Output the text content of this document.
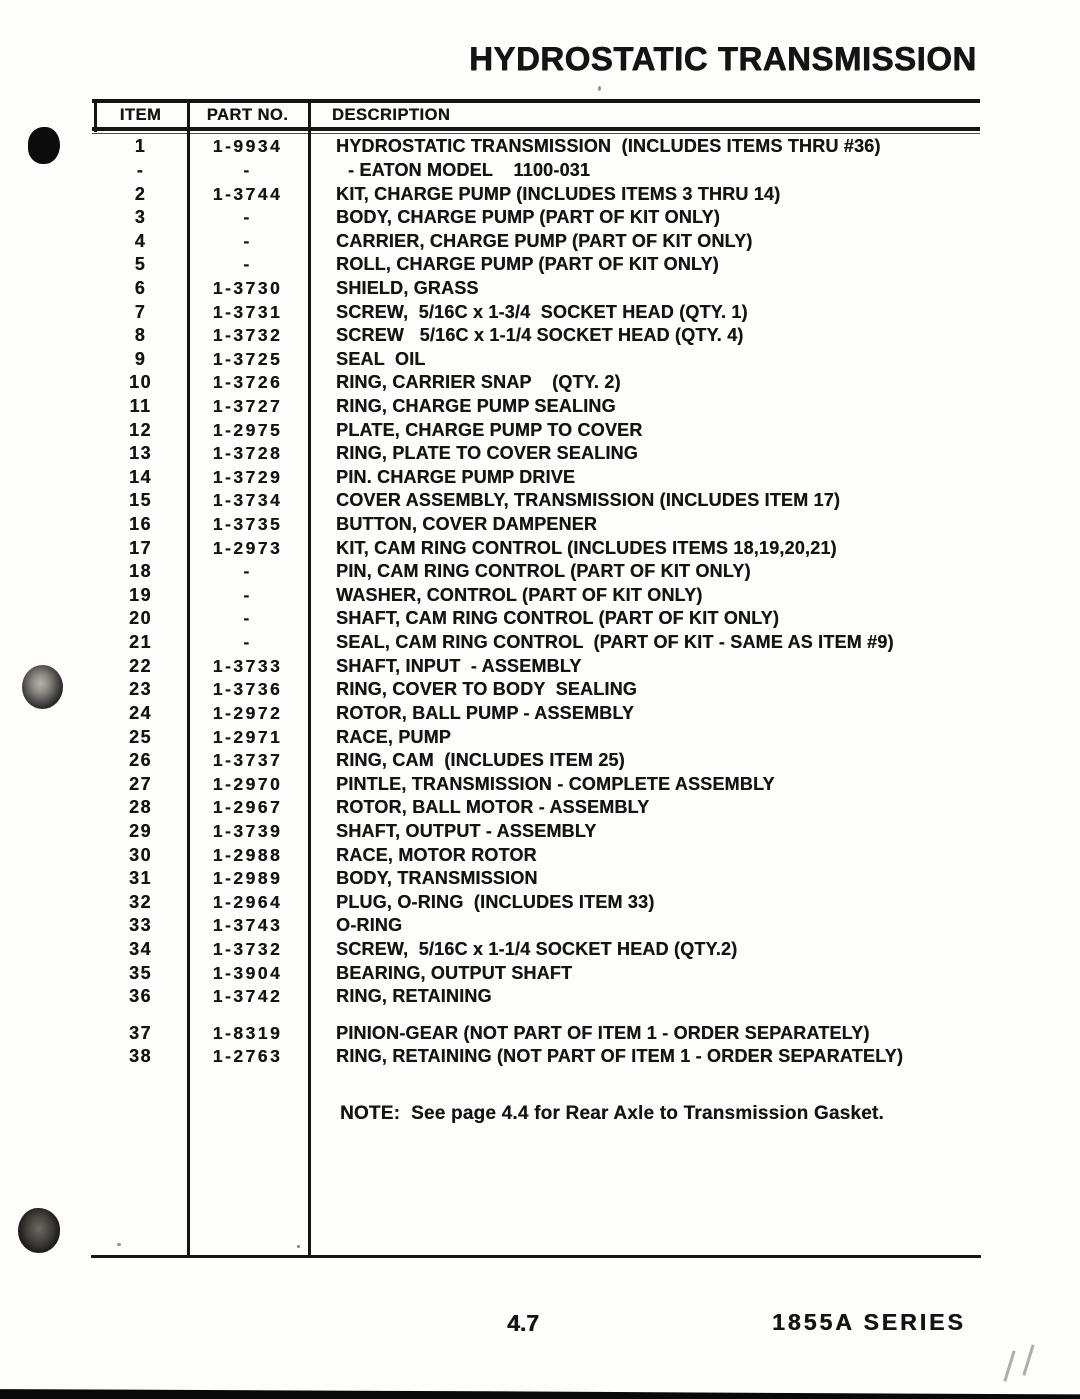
HYDROSTATIC TRANSMISSION
ITEM	PART NO.	DESCRIPTION
1	1-9934	HYDROSTATIC TRANSMISSION  (INCLUDES ITEMS THRU #36)
-	-	- EATON MODEL    1100-031
2	1-3744	KIT, CHARGE PUMP (INCLUDES ITEMS 3 THRU 14)
3	-	BODY, CHARGE PUMP (PART OF KIT ONLY)
4	-	CARRIER, CHARGE PUMP (PART OF KIT ONLY)
5	-	ROLL, CHARGE PUMP (PART OF KIT ONLY)
6	1-3730	SHIELD, GRASS
7	1-3731	SCREW,  5/16C x 1-3/4  SOCKET HEAD (QTY. 1)
8	1-3732	SCREW   5/16C x 1-1/4 SOCKET HEAD (QTY. 4)
9	1-3725	SEAL  OIL
10	1-3726	RING, CARRIER SNAP    (QTY. 2)
11	1-3727	RING, CHARGE PUMP SEALING
12	1-2975	PLATE, CHARGE PUMP TO COVER
13	1-3728	RING, PLATE TO COVER SEALING
14	1-3729	PIN. CHARGE PUMP DRIVE
15	1-3734	COVER ASSEMBLY, TRANSMISSION (INCLUDES ITEM 17)
16	1-3735	BUTTON, COVER DAMPENER
17	1-2973	KIT, CAM RING CONTROL (INCLUDES ITEMS 18,19,20,21)
18	-	PIN, CAM RING CONTROL (PART OF KIT ONLY)
19	-	WASHER, CONTROL (PART OF KIT ONLY)
20	-	SHAFT, CAM RING CONTROL (PART OF KIT ONLY)
21	-	SEAL, CAM RING CONTROL  (PART OF KIT - SAME AS ITEM #9)
22	1-3733	SHAFT, INPUT  - ASSEMBLY
23	1-3736	RING, COVER TO BODY  SEALING
24	1-2972	ROTOR, BALL PUMP - ASSEMBLY
25	1-2971	RACE, PUMP
26	1-3737	RING, CAM  (INCLUDES ITEM 25)
27	1-2970	PINTLE, TRANSMISSION - COMPLETE ASSEMBLY
28	1-2967	ROTOR, BALL MOTOR - ASSEMBLY
29	1-3739	SHAFT, OUTPUT - ASSEMBLY
30	1-2988	RACE, MOTOR ROTOR
31	1-2989	BODY, TRANSMISSION
32	1-2964	PLUG, O-RING  (INCLUDES ITEM 33)
33	1-3743	O-RING
34	1-3732	SCREW,  5/16C x 1-1/4 SOCKET HEAD (QTY.2)
35	1-3904	BEARING, OUTPUT SHAFT
36	1-3742	RING, RETAINING
37	1-8319	PINION-GEAR (NOT PART OF ITEM 1 - ORDER SEPARATELY)
38	1-2763	RING, RETAINING (NOT PART OF ITEM 1 - ORDER SEPARATELY)
NOTE:  See page 4.4 for Rear Axle to Transmission Gasket.
4.7	1855A SERIES
